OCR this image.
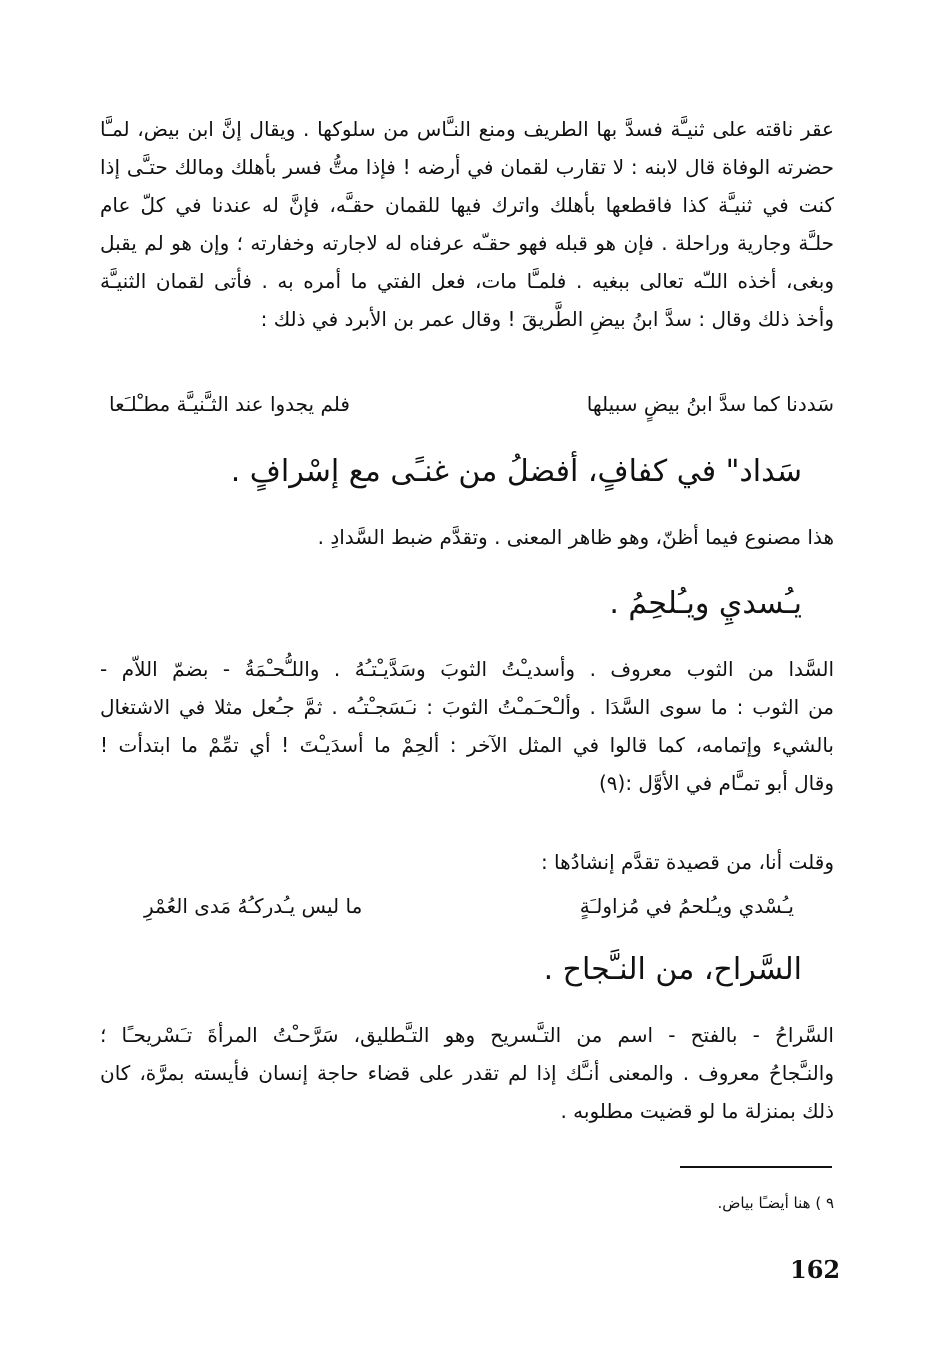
عقر ناقته على ثنيـَّة فسدَّ بها الطريف ومنع النـَّاس من سلوكها . ويقال إنَّ ابن بيض، لمـَّا
حضرته الوفاة قال لابنه : لا تقارب لقمان في أرضه ! فإذا متُّ فسر بأهلك ومالك حتـَّى إذا
كنت في ثنيـَّة كذا فاقطعها بأهلك واترك فيها للقمان حقـَّه، فإنَّ له عندنا في كلّ عام
حلـَّة وجارية وراحلة . فإن هو قبله فهو حقـّه عرفناه له لاجارته وخفارته ؛ وإن هو لم يقبل
وبغى، أخذه اللـّه تعالى ببغيه . فلمـَّا مات، فعل الفتي ما أمره به . فأتى لقمان الثنيـَّة
وأخذ ذلك وقال : سدَّ ابنُ بيضِ الطَّريقَ ! وقال عمر بن الأبرد في ذلك :
سَددنا كما سدَّ ابنُ بيضٍ سبيلها
فلم يجدوا عند الثـَّنيـَّة مطـْلـَعا
سَداد" في كفافٍ، أفضلُ من غنـًى مع إسْرافٍ .
هذا مصنوع فيما أظنّ، وهو ظاهر المعنى . وتقدَّم ضبط السَّدادِ .
يـُسديِ ويـُلحِمُ .
السَّدا من الثوب معروف . وأسديـْتُ الثوبَ وسَدَّيـْتـُهُ . واللـُّحـْمَةُ - بضمّ اللاّم -
من الثوب : ما سوى السَّدَا . وألـْحـَمـْتُ الثوبَ : نـَسَجـْتـُه . ثمَّ جـُعل مثلا في الاشتغال
بالشيء وإتمامه، كما قالوا في المثل الآخر : ألحِمْ ما أسدَيـْتَ ! أي تمِّمْ ما ابتدأت !
وقال أبو تمـَّام في الأوَّل :(٩)
وقلت أنا، من قصيدة تقدَّم إنشادُها :
يـُسْدي ويـُلحمُ في مُزاولـَةٍ
ما ليس يـُدركـُهُ مَدى العُمْرِ
السَّراح، من النـَّجاح .
السَّراحُ - بالفتح - اسم من التـَّسريح وهو التـَّطليق، سَرَّحـْتُ المرأةَ تـَسْريحـًا ؛
والنـَّجاحُ معروف . والمعنى أنـَّك إذا لم تقدر على قضاء حاجة إنسان فأيسته بمرَّة، كان
ذلك بمنزلة ما لو قضيت مطلوبه .
٩ ) هنا أيضـًا بياض.
162
